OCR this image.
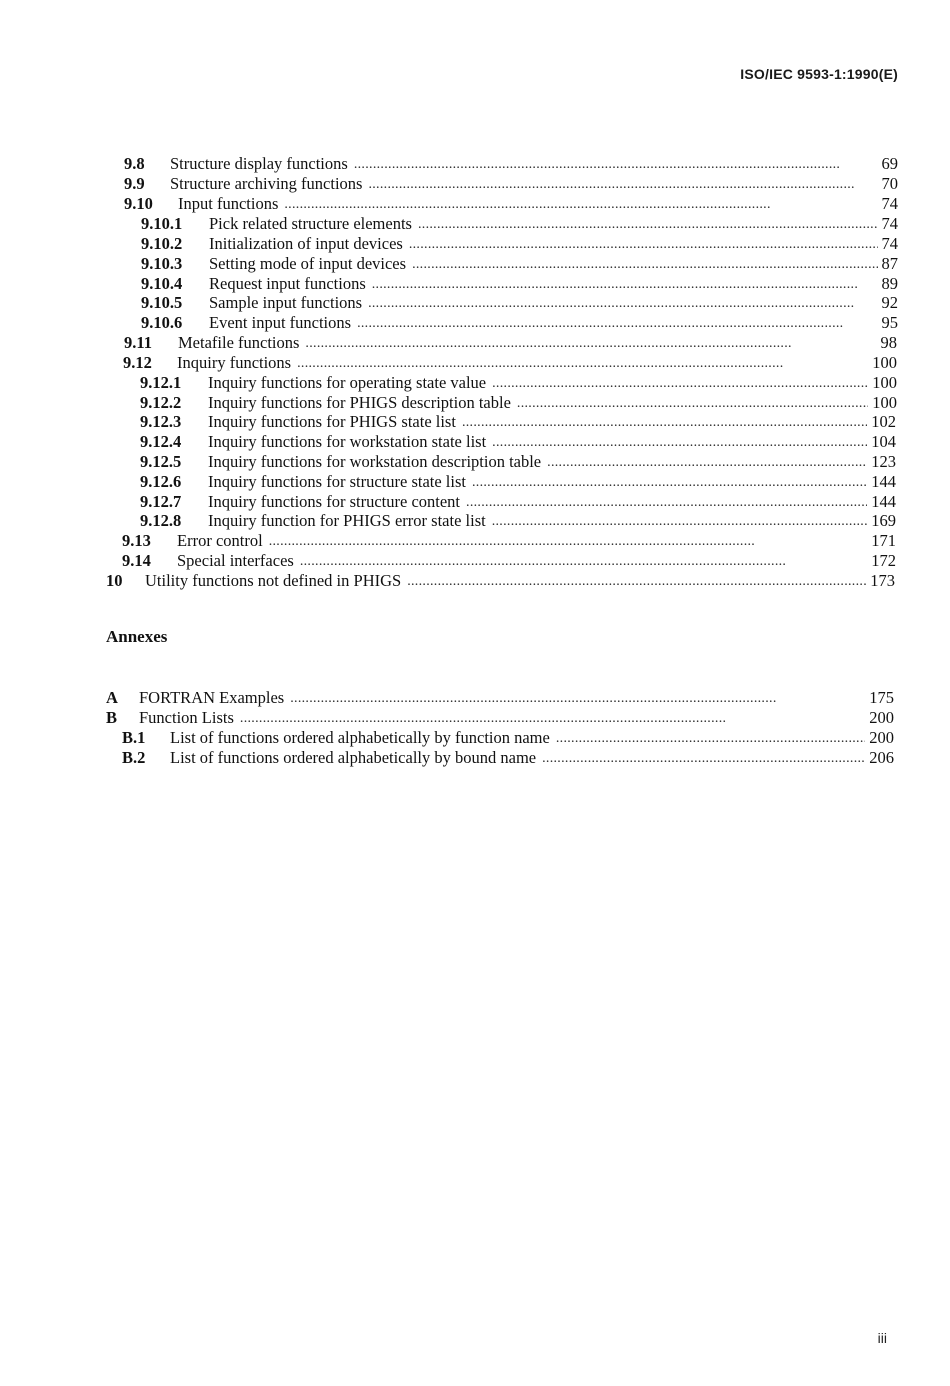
ISO/IEC 9593-1:1990(E)
9.8	Structure display functions . . .	69
9.9	Structure archiving functions . . .	70
9.10	Input functions . . .	74
9.10.1	Pick related structure elements . . .	74
9.10.2	Initialization of input devices . . .	74
9.10.3	Setting mode of input devices . . .	87
9.10.4	Request input functions . . .	89
9.10.5	Sample input functions . . .	92
9.10.6	Event input functions . . .	95
9.11	Metafile functions . . .	98
9.12	Inquiry functions . . .	100
9.12.1	Inquiry functions for operating state value . . .	100
9.12.2	Inquiry functions for PHIGS description table . . .	100
9.12.3	Inquiry functions for PHIGS state list . . .	102
9.12.4	Inquiry functions for workstation state list . . .	104
9.12.5	Inquiry functions for workstation description table . . .	123
9.12.6	Inquiry functions for structure state list . . .	144
9.12.7	Inquiry functions for structure content . . .	144
9.12.8	Inquiry function for PHIGS error state list . . .	169
9.13	Error control . . .	171
9.14	Special interfaces . . .	172
10	Utility functions not defined in PHIGS . . .	173
Annexes
A	FORTRAN Examples . . .	175
B	Function Lists . . .	200
B.1	List of functions ordered alphabetically by function name . . .	200
B.2	List of functions ordered alphabetically by bound name . . .	206
iii
